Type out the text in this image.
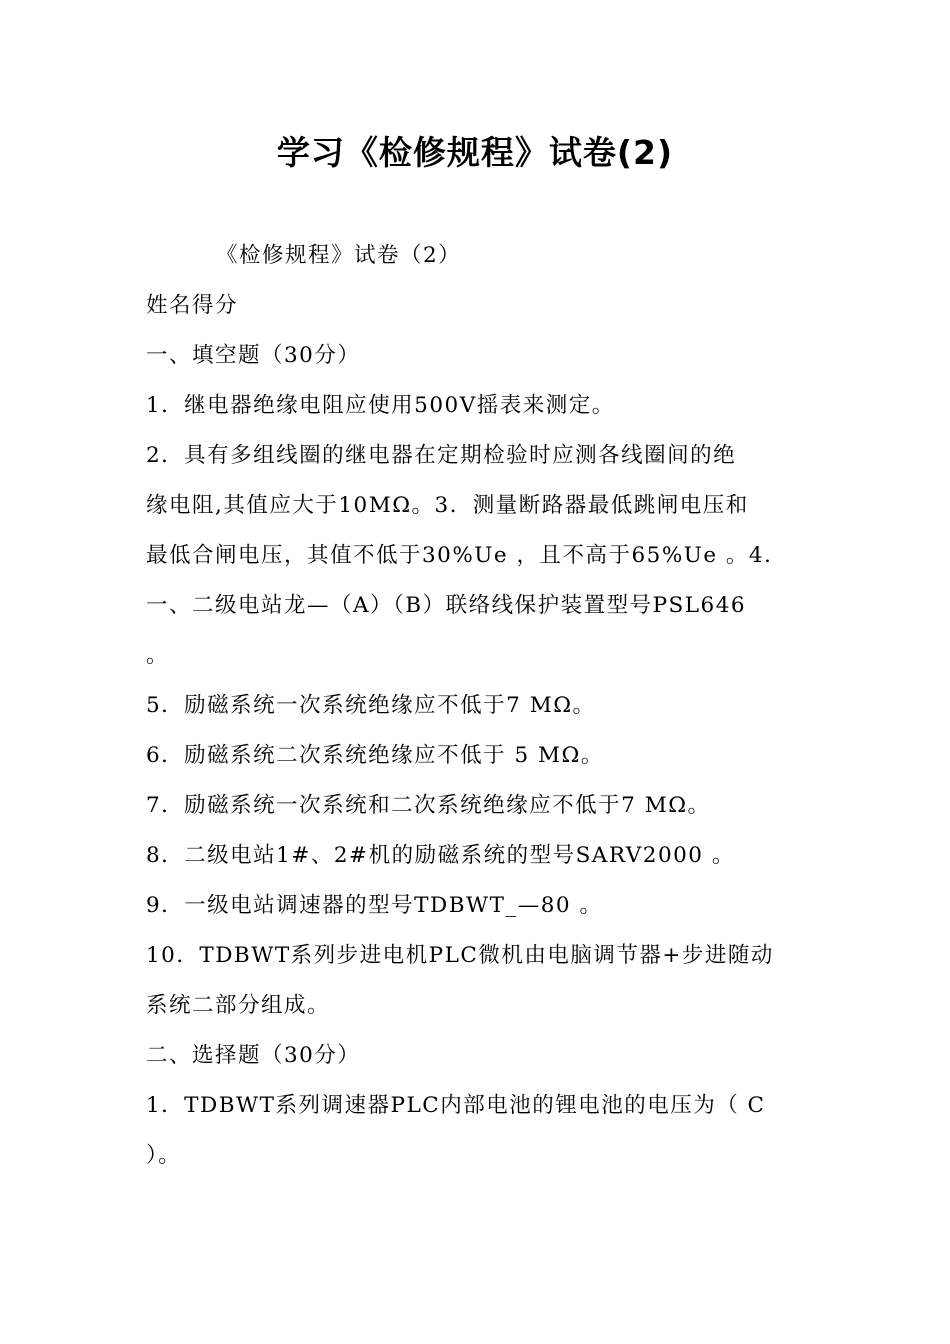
学习《检修规程》试卷(2)
《检修规程》试卷（2）
姓名得分
一、填空题（30分）
1．继电器绝缘电阻应使用500V摇表来测定。
2．具有多组线圈的继电器在定期检验时应测各线圈间的绝
缘电阻,其值应大于10MΩ。3．测量断路器最低跳闸电压和
最低合闸电压，其值不低于30%Ue ，且不高于65%Ue 。4．
一、二级电站龙—（A）（B）联络线保护装置型号PSL646
。
5．励磁系统一次系统绝缘应不低于7 MΩ。
6．励磁系统二次系统绝缘应不低于 5 MΩ。
7．励磁系统一次系统和二次系统绝缘应不低于7 MΩ。
8．二级电站1#、2#机的励磁系统的型号SARV2000 。
9．一级电站调速器的型号TDBWT_—80 。
10．TDBWT系列步进电机PLC微机由电脑调节器+步进随动
系统二部分组成。
二、选择题（30分）
1．TDBWT系列调速器PLC内部电池的锂电池的电压为（ C
）。
